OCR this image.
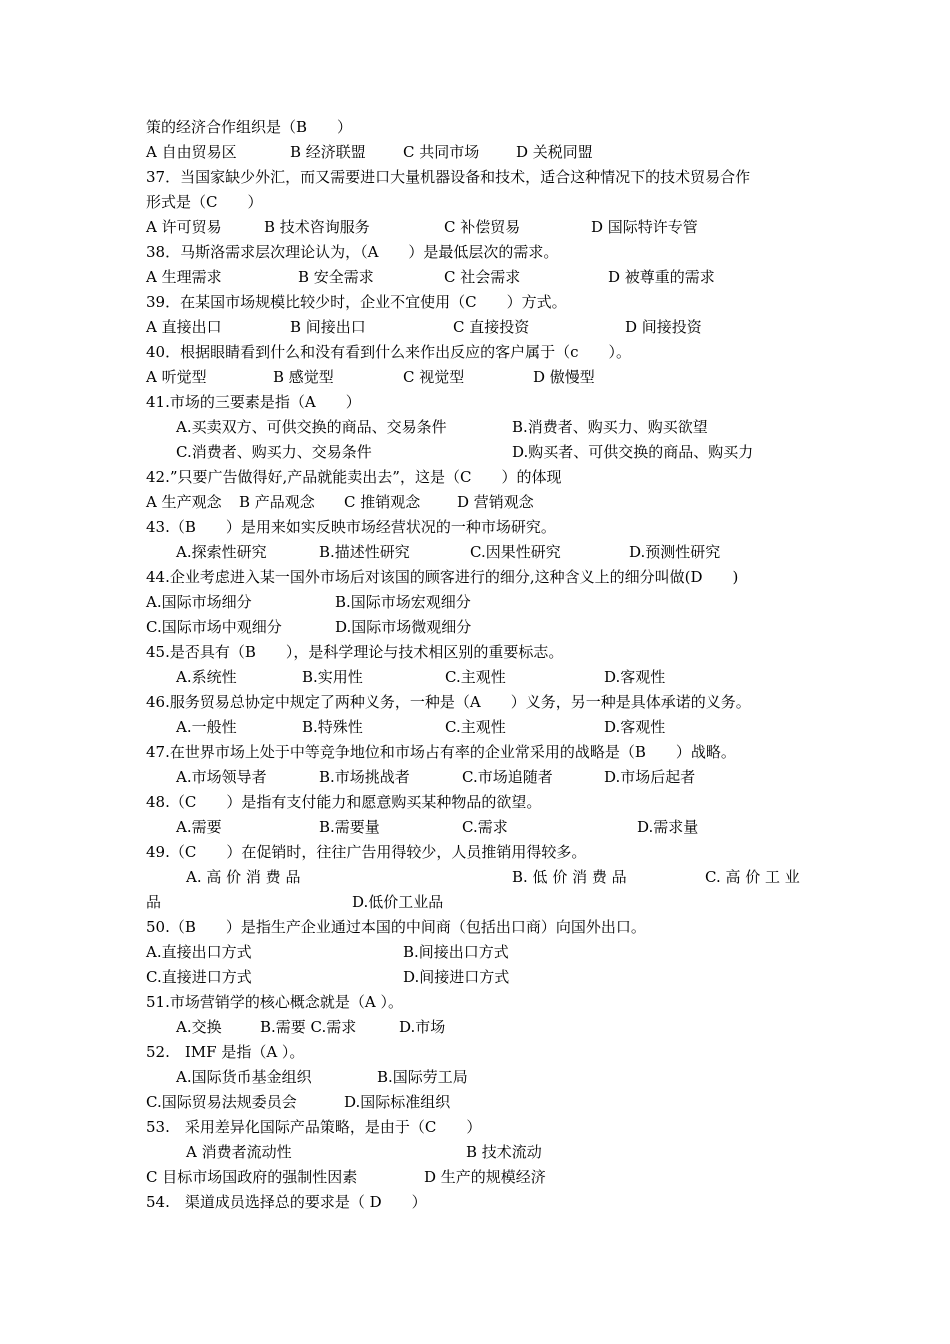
策的经济合作组织是（B　　）

A 自由贸易区

	B 经济联盟

C 共同市场

D 关税同盟

37．当国家缺少外汇，而又需要进口大量机器设备和技术，适合这种情况下的技术贸易合作

形式是（C　　）

A 许可贸易

	B 技术咨询服务

	C 补偿贸易

	D 国际特许专管

38．马斯洛需求层次理论认为，（A　　）是最低层次的需求。

A 生理需求

	B 安全需求

	C 社会需求

	D 被尊重的需求

39．在某国市场规模比较少时，企业不宜使用（C　　）方式。

A 直接出口

	B 间接出口

	C 直接投资

	D 间接投资

40．根据眼睛看到什么和没有看到什么来作出反应的客户属于（c　　）。

A 听觉型

	B 感觉型

	C 视觉型

	D 傲慢型

41.市场的三要素是指（A　　）

A.买卖双方、可供交换的商品、交易条件

	B.消费者、购买力、购买欲望

C.消费者、购买力、交易条件

	D.购买者、可供交换的商品、购买力

42.”只要广告做得好,产品就能卖出去”，这是（C　　）的体现

A 生产观念

B 产品观念

C 推销观念

D 营销观念

43.（B　　）是用来如实反映市场经营状况的一种市场研究。

A.探索性研究

	B.描述性研究

	C.因果性研究

	D.预测性研究

44.企业考虑进入某一国外市场后对该国的顾客进行的细分,这种含义上的细分叫做(D　　)

A.国际市场细分

	B.国际市场宏观细分

C.国际市场中观细分

	D.国际市场微观细分

45.是否具有（B　　），是科学理论与技术相区别的重要标志。

A.系统性

	B.实用性

	C.主观性

	D.客观性

46.服务贸易总协定中规定了两种义务，一种是（A　　）义务，另一种是具体承诺的义务。

A.一般性

	B.特殊性

	C.主观性

	D.客观性

47.在世界市场上处于中等竞争地位和市场占有率的企业常采用的战略是（B　　）战略。

A.市场领导者

	B.市场挑战者

	C.市场追随者

	D.市场后起者

48.（C　　）是指有支付能力和愿意购买某种物品的欲望。

A.需要

	B.需要量

	C.需求

	D.需求量

49.（C　　）在促销时，往往广告用得较少，人员推销用得较多。

A. 高 价 消 费 品

	B. 低 价 消 费 品

	C. 高 价 工 业

品

	D.低价工业品

50.（B　　）是指生产企业通过本国的中间商（包括出口商）向国外出口。

A.直接出口方式

	B.间接出口方式

C.直接进口方式

	D.间接进口方式

51.市场营销学的核心概念就是（A ）。

A.交换

	B.需要 C.需求

	D.市场

52.　IMF 是指（A ）。

A.国际货币基金组织

	B.国际劳工局

C.国际贸易法规委员会

	D.国际标准组织

53.　采用差异化国际产品策略，是由于（C　　）

A 消费者流动性

	B 技术流动

C 目标市场国政府的强制性因素

	D 生产的规模经济

54.　渠道成员选择总的要求是（ D　　）
